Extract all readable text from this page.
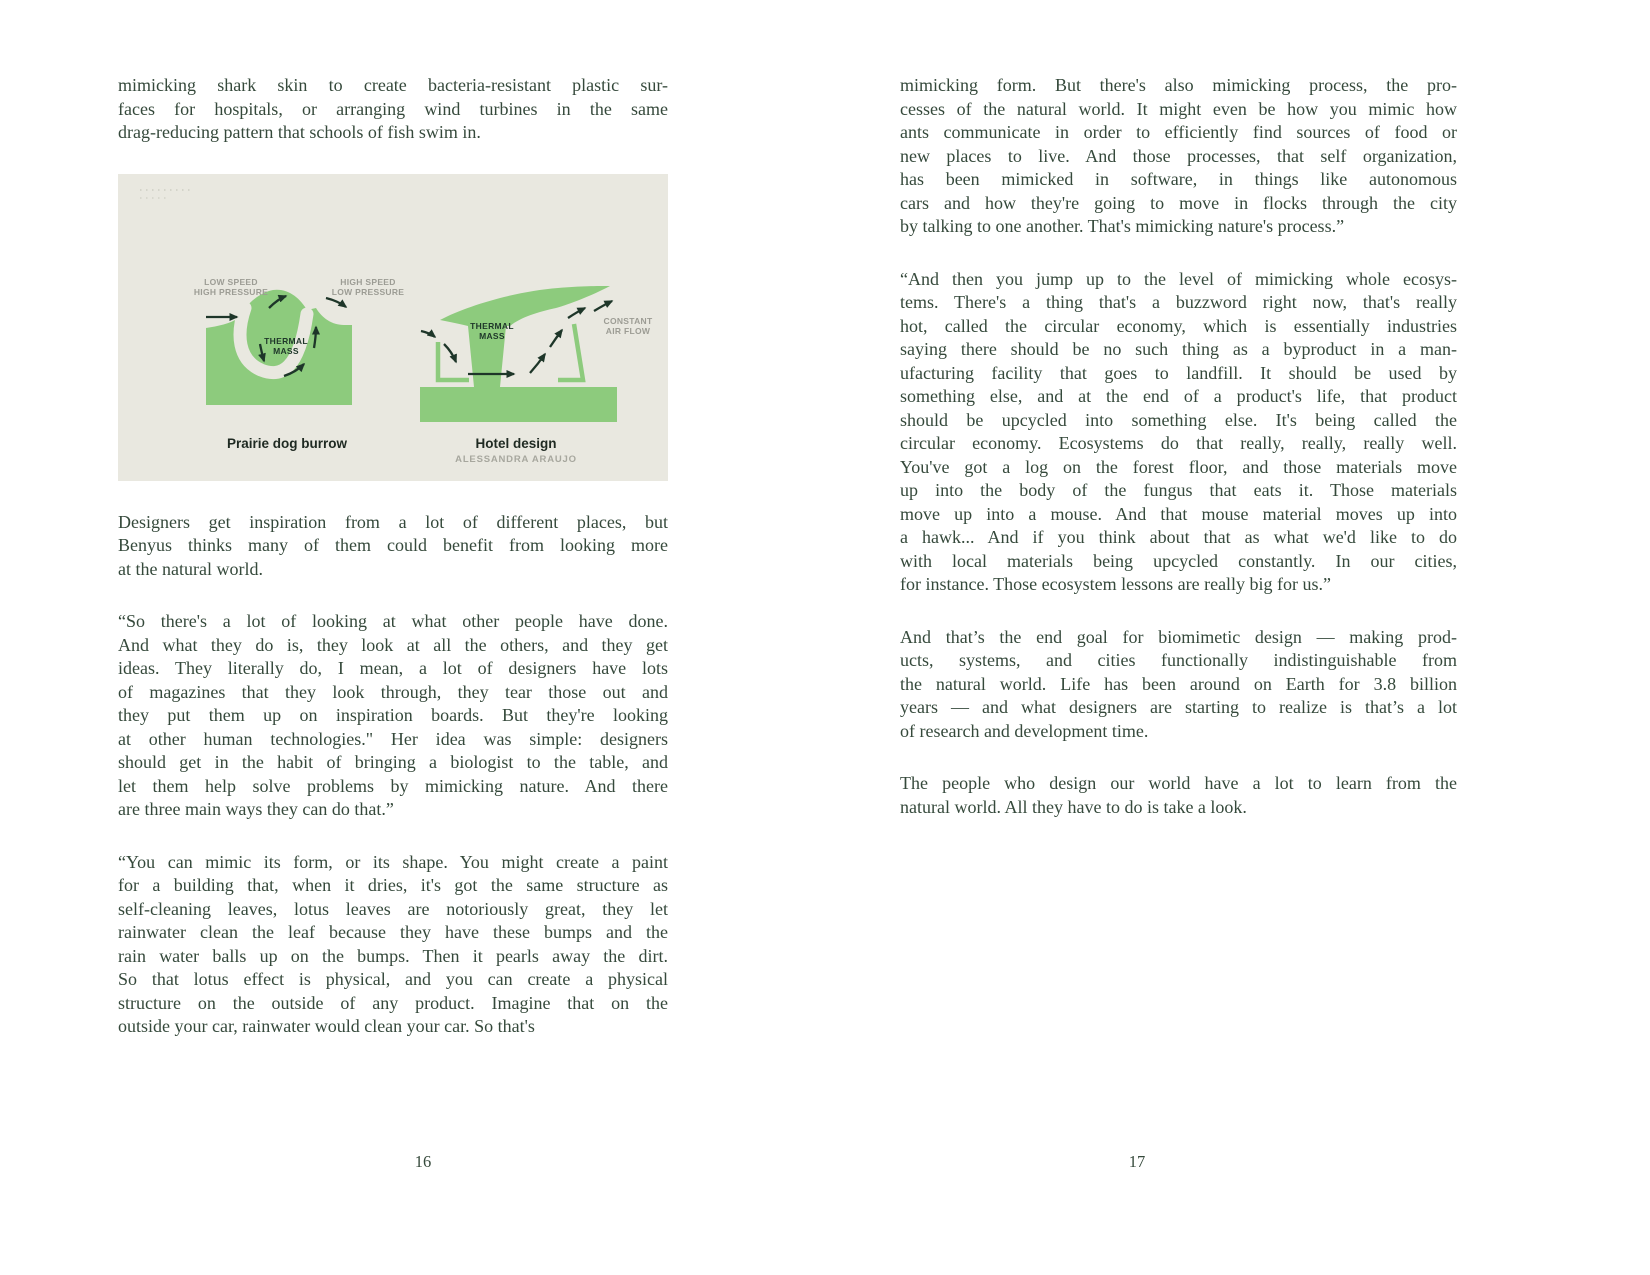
mimicking shark skin to create bacteria-resistant plastic sur-
faces for hospitals, or arranging wind turbines in the same
drag-reducing pattern that schools of fish swim in.
LOW SPEED
HIGH PRESSURE
HIGH SPEED
LOW PRESSURE
THERMAL
MASS
Prairie dog burrow
THERMAL
MASS
CONSTANT
AIR FLOW
Hotel design
ALESSANDRA ARAUJO
Designers get inspiration from a lot of different places, but
Benyus thinks many of them could benefit from looking more
at the natural world.
“So there's a lot of looking at what other people have done.
And what they do is, they look at all the others, and they get
ideas. They literally do, I mean, a lot of designers have lots
of magazines that they look through, they tear those out and
they put them up on inspiration boards. But they're looking
at other human technologies." Her idea was simple: designers
should get in the habit of bringing a biologist to the table, and
let them help solve problems by mimicking nature. And there
are three main ways they can do that.”
“You can mimic its form, or its shape. You might create a paint
for a building that, when it dries, it's got the same structure as
self-cleaning leaves, lotus leaves are notoriously great, they let
rainwater clean the leaf because they have these bumps and the
rain water balls up on the bumps. Then it pearls away the dirt.
So that lotus effect is physical, and you can create a physical
structure on the outside of any product. Imagine that on the
outside your car, rainwater would clean your car. So that's
mimicking form. But there's also mimicking process, the pro-
cesses of the natural world. It might even be how you mimic how
ants communicate in order to efficiently find sources of food or
new places to live. And those processes, that self organization,
has been mimicked in software, in things like autonomous
cars and how they're going to move in flocks through the city
by talking to one another. That's mimicking nature's process.”
“And then you jump up to the level of mimicking whole ecosys-
tems. There's a thing that's a buzzword right now, that's really
hot, called the circular economy, which is essentially industries
saying there should be no such thing as a byproduct in a man-
ufacturing facility that goes to landfill. It should be used by
something else, and at the end of a product's life, that product
should be upcycled into something else. It's being called the
circular economy. Ecosystems do that really, really, really well.
You've got a log on the forest floor, and those materials move
up into the body of the fungus that eats it. Those materials
move up into a mouse. And that mouse material moves up into
a hawk... And if you think about that as what we'd like to do
with local materials being upcycled constantly. In our cities,
for instance. Those ecosystem lessons are really big for us.”
And that’s the end goal for biomimetic design — making prod-
ucts, systems, and cities functionally indistinguishable from
the natural world. Life has been around on Earth for 3.8 billion
years — and what designers are starting to realize is that’s a lot
of research and development time.
The people who design our world have a lot to learn from the
natural world. All they have to do is take a look.
16	17
